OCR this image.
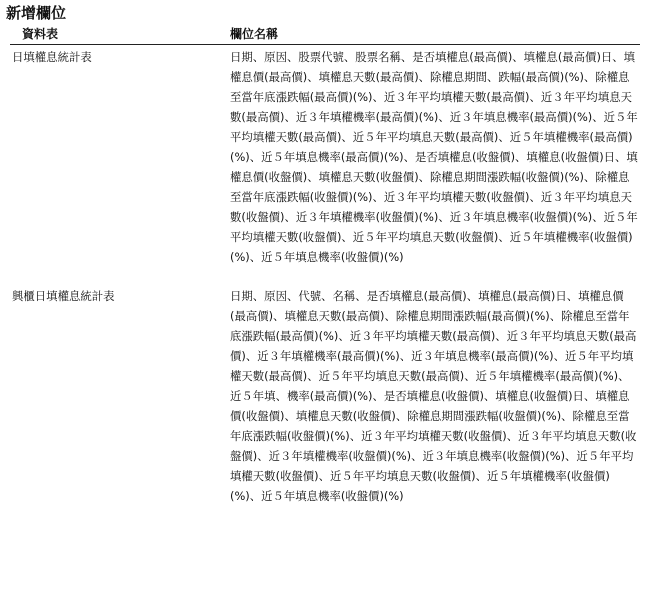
新增欄位
資料表	欄位名稱
日填權息統計表	日期、原因、股票代號、股票名稱、是否填權息(最高價)、填權息(最高價)日、填權息價(最高價)、填權息天數(最高價)、除權息期間、跌幅(最高價)(%)、除權息至當年底漲跌幅(最高價)(%)、近３年平均填權天數(最高價)、近３年平均填息天數(最高價)、近３年填權機率(最高價)(%)、近３年填息機率(最高價)(%)、近５年平均填權天數(最高價)、近５年平均填息天數(最高價)、近５年填權機率(最高價)(%)、近５年填息機率(最高價)(%)、是否填權息(收盤價)、填權息(收盤價)日、填權息價(收盤價)、填權息天數(收盤價)、除權息期間漲跌幅(收盤價)(%)、除權息至當年底漲跌幅(收盤價)(%)、近３年平均填權天數(收盤價)、近３年平均填息天數(收盤價)、近３年填權機率(收盤價)(%)、近３年填息機率(收盤價)(%)、近５年平均填權天數(收盤價)、近５年平均填息天數(收盤價)、近５年填權機率(收盤價)(%)、近５年填息機率(收盤價)(%)
興櫃日填權息統計表	日期、原因、代號、名稱、是否填權息(最高價)、填權息(最高價)日、填權息價(最高價)、填權息天數(最高價)、除權息期間漲跌幅(最高價)(%)、除權息至當年底漲跌幅(最高價)(%)、近３年平均填權天數(最高價)、近３年平均填息天數(最高價)、近３年填權機率(最高價)(%)、近３年填息機率(最高價)(%)、近５年平均填權天數(最高價)、近５年平均填息天數(最高價)、近５年填權機率(最高價)(%)、近５年填、機率(最高價)(%)、是否填權息(收盤價)、填權息(收盤價)日、填權息價(收盤價)、填權息天數(收盤價)、除權息期間漲跌幅(收盤價)(%)、除權息至當年底漲跌幅(收盤價)(%)、近３年平均填權天數(收盤價)、近３年平均填息天數(收盤價)、近３年填權機率(收盤價)(%)、近３年填息機率(收盤價)(%)、近５年平均填權天數(收盤價)、近５年平均填息天數(收盤價)、近５年填權機率(收盤價)(%)、近５年填息機率(收盤價)(%)
